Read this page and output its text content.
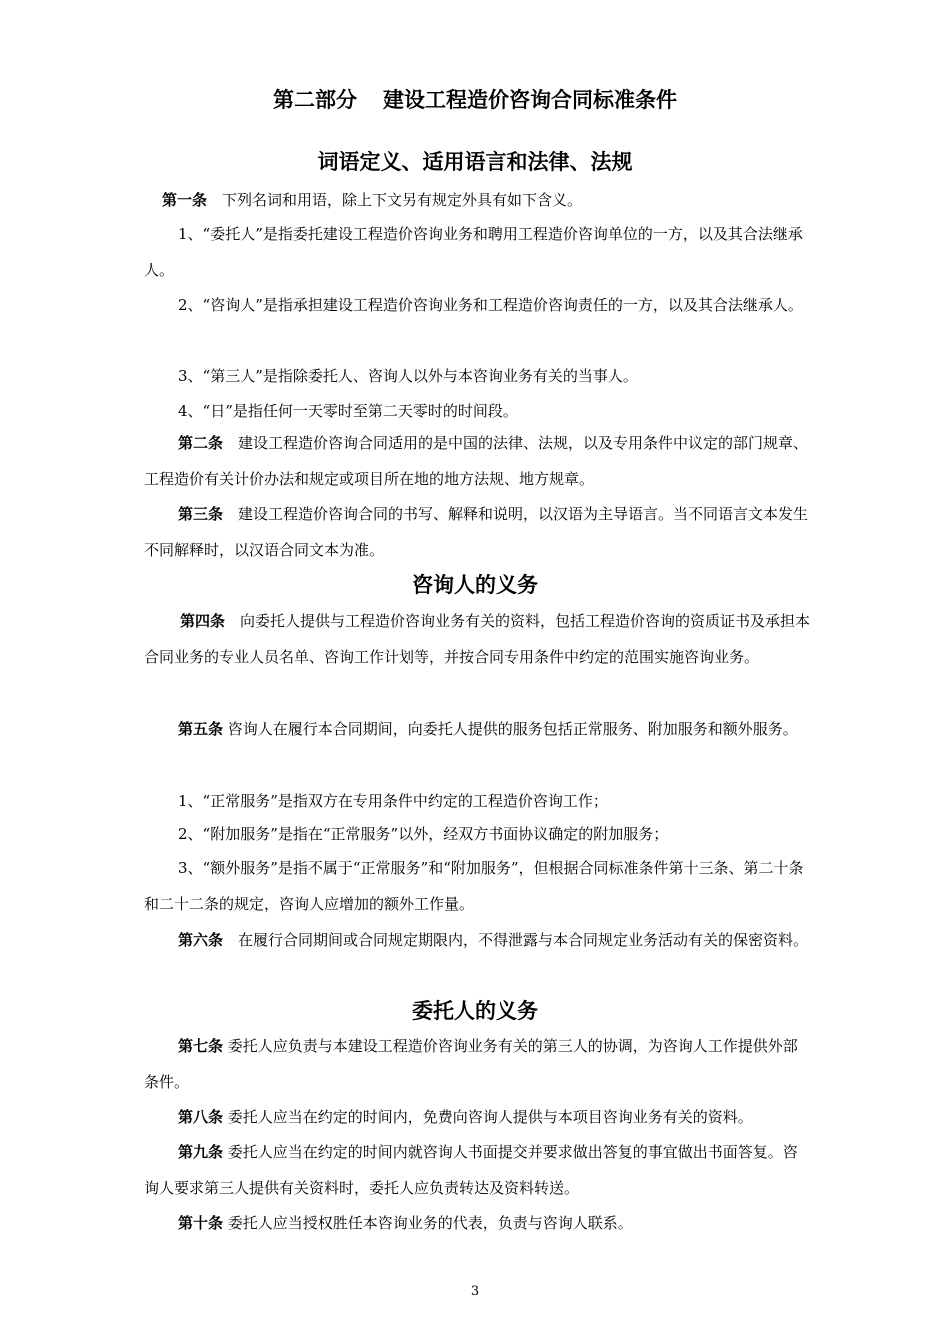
第二部分 建设工程造价咨询合同标准条件
词语定义、适用语言和法律、法规

第一条　 下列名词和用语，除上下文另有规定外具有如下含义。

1、“委托人”是指委托建设工程造价咨询业务和聘用工程造价咨询单位的一方，以及其合法继承人。

2、“咨询人”是指承担建设工程造价咨询业务和工程造价咨询责任的一方，以及其合法继承人。

3、“第三人”是指除委托人、咨询人以外与本咨询业务有关的当事人。

4、“日”是指任何一天零时至第二天零时的时间段。

第二条　 建设工程造价咨询合同适用的是中国的法律、法规，以及专用条件中议定的部门规章、工程造价有关计价办法和规定或项目所在地的地方法规、地方规章。

第三条　 建设工程造价咨询合同的书写、解释和说明，以汉语为主导语言。当不同语言文本发生不同解释时，以汉语合同文本为准。

咨询人的义务

第四条　 向委托人提供与工程造价咨询业务有关的资料，包括工程造价咨询的资质证书及承担本合同业务的专业人员名单、咨询工作计划等，并按合同专用条件中约定的范围实施咨询业务。

第五条 咨询人在履行本合同期间，向委托人提供的服务包括正常服务、附加服务和额外服务。

1、“正常服务”是指双方在专用条件中约定的工程造价咨询工作；

2、“附加服务”是指在“正常服务”以外，经双方书面协议确定的附加服务；

3、“额外服务”是指不属于“正常服务”和“附加服务”，但根据合同标准条件第十三条、第二十条和二十二条的规定，咨询人应增加的额外工作量。

第六条　 在履行合同期间或合同规定期限内，不得泄露与本合同规定业务活动有关的保密资料。

委托人的义务

第七条 委托人应负责与本建设工程造价咨询业务有关的第三人的协调，为咨询人工作提供外部条件。

第八条 委托人应当在约定的时间内，免费向咨询人提供与本项目咨询业务有关的资料。

第九条 委托人应当在约定的时间内就咨询人书面提交并要求做出答复的事宜做出书面答复。咨询人要求第三人提供有关资料时，委托人应负责转达及资料转送。

第十条 委托人应当授权胜任本咨询业务的代表，负责与咨询人联系。

3
